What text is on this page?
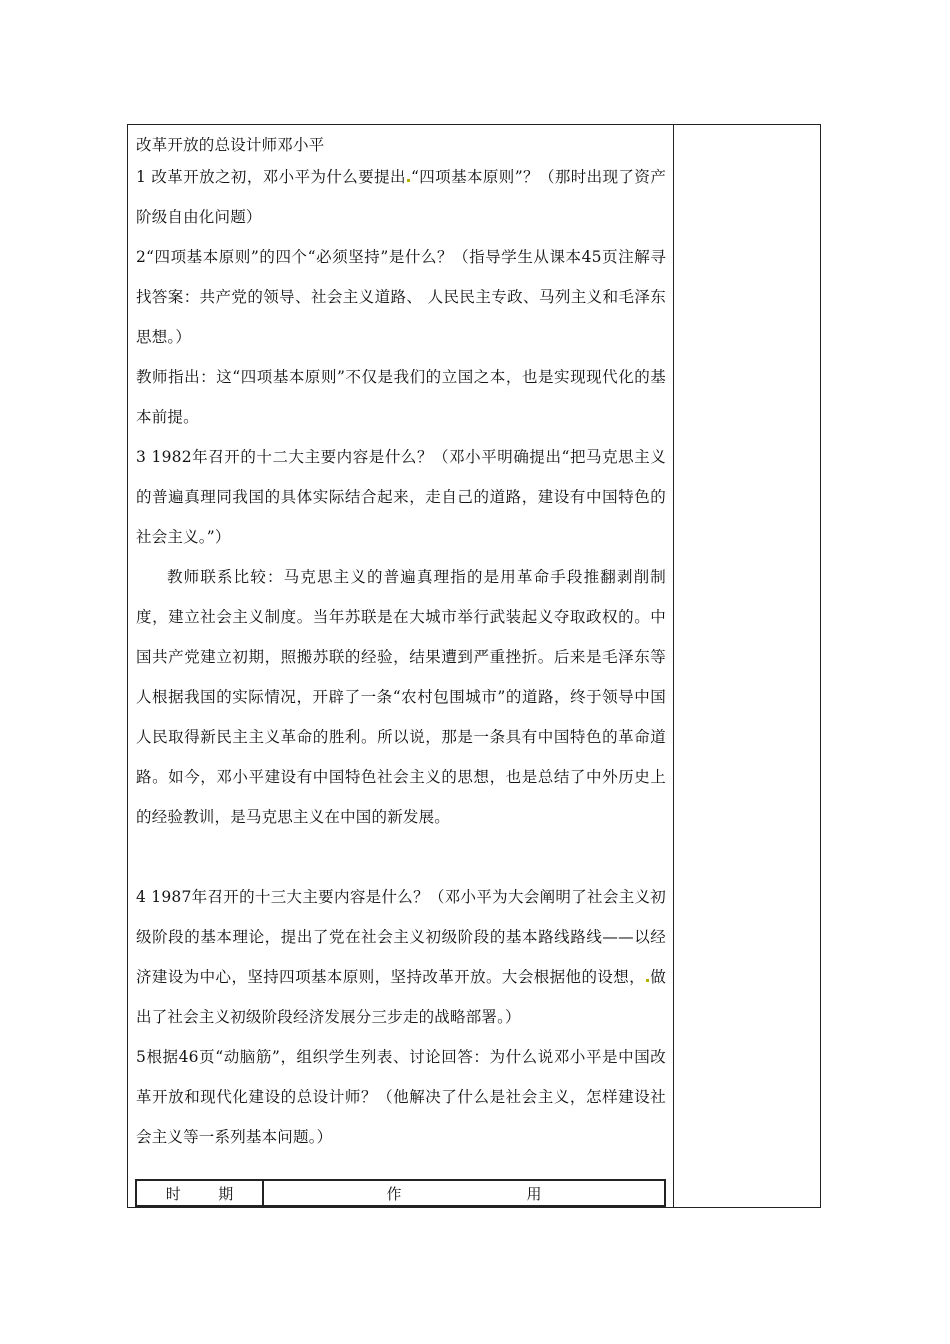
改革开放的总设计师邓小平

1 改革开放之初，邓小平为什么要提出 “四项基本原则”？（那时出现了资产阶级自由化问题）

2“四项基本原则”的四个“必须坚持”是什么？（指导学生从课本45页注解寻找答案：共产党的领导、社会主义道路、 人民民主专政、马列主义和毛泽东思想。）

教师指出：这“四项基本原则”不仅是我们的立国之本，也是实现现代化的基本前提。

3 1982年召开的十二大主要内容是什么？（邓小平明确提出“把马克思主义的普遍真理同我国的具体实际结合起来，走自己的道路，建设有中国特色的社会主义。”）

教师联系比较：马克思主义的普遍真理指的是用革命手段推翻剥削制度，建立社会主义制度。当年苏联是在大城市举行武装起义夺取政权的。中国共产党建立初期，照搬苏联的经验，结果遭到严重挫折。后来是毛泽东等人根据我国的实际情况，开辟了一条“农村包围城市”的道路，终于领导中国人民取得新民主主义革命的胜利。所以说，那是一条具有中国特色的革命道路。如今，邓小平建设有中国特色社会主义的思想，也是总结了中外历史上的经验教训，是马克思主义在中国的新发展。

4 1987年召开的十三大主要内容是什么？（邓小平为大会阐明了社会主义初级阶段的基本理论，提出了党在社会主义初级阶段的基本路线路线——以经济建设为中心，坚持四项基本原则，坚持改革开放。大会根据他的设想， 做出了社会主义初级阶段经济发展分三步走的战略部署。）

5根据46页“动脑筋”，组织学生列表、讨论回答：为什么说邓小平是中国改革开放和现代化建设的总设计师？（他解决了什么是社会主义，怎样建设社会主义等一系列基本问题。）

时 期	作	用
